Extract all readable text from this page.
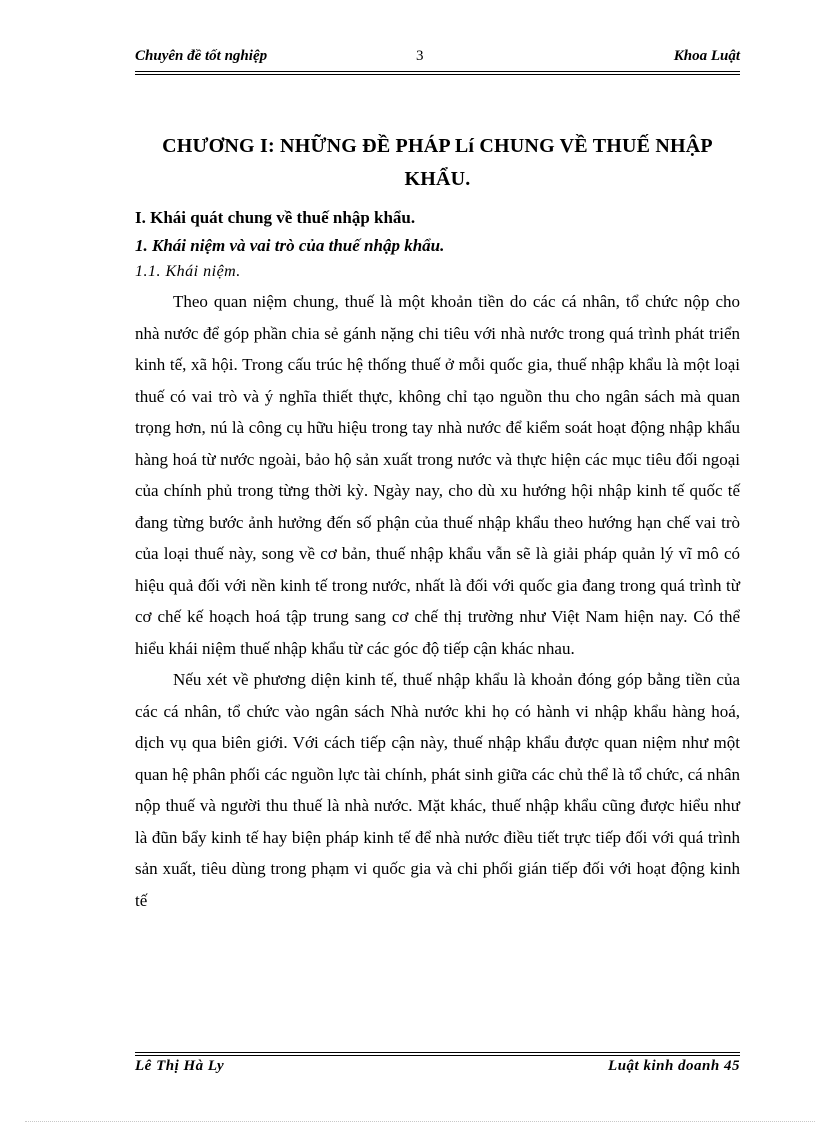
Chuyên đề tốt nghiệp	3	Khoa Luật
CHƯƠNG I: NHỮNG ĐỀ PHÁP Lí CHUNG VỀ THUẾ NHẬP KHẨU.
I. Khái quát chung về thuế nhập khẩu.
1. Khái niệm và vai trò của thuế nhập khẩu.
1.1. Khái niệm.

Theo quan niệm chung, thuế là một khoản tiền do các cá nhân, tổ chức nộp cho nhà nước để góp phần chia sẻ gánh nặng chi tiêu với nhà nước trong quá trình phát triển kinh tế, xã hội. Trong cấu trúc hệ thống thuế ở mỗi quốc gia, thuế nhập khẩu là một loại thuế có vai trò và ý nghĩa thiết thực, không chỉ tạo nguồn thu cho ngân sách mà quan trọng hơn, nú là công cụ hữu hiệu trong tay nhà nước để kiểm soát hoạt động nhập khẩu hàng hoá từ nước ngoài, bảo hộ sản xuất trong nước và thực hiện các mục tiêu đối ngoại của chính phủ trong từng thời kỳ. Ngày nay, cho dù xu hướng hội nhập kinh tế quốc tế đang từng bước ảnh hưởng đến số phận của thuế nhập khẩu theo hướng hạn chế vai trò của loại thuế này, song về cơ bản, thuế nhập khẩu vẫn sẽ là giải pháp quản lý vĩ mô có hiệu quả đối với nền kinh tế trong nước, nhất là đối với quốc gia đang trong quá trình từ cơ chế kế hoạch hoá tập trung sang cơ chế thị trường như Việt Nam hiện nay. Có thể hiểu khái niệm thuế nhập khẩu từ các góc độ tiếp cận khác nhau.

Nếu xét về phương diện kinh tế, thuế nhập khẩu là khoản đóng góp bằng tiền của các cá nhân, tổ chức vào ngân sách Nhà nước khi họ có hành vi nhập khẩu hàng hoá, dịch vụ qua biên giới. Với cách tiếp cận này, thuế nhập khẩu được quan niệm như một quan hệ phân phối các nguồn lực tài chính, phát sinh giữa các chủ thể là tổ chức, cá nhân nộp thuế và người thu thuế là nhà nước. Mặt khác, thuế nhập khẩu cũng được hiểu như là đũn bẩy kinh tế hay biện pháp kinh tế để nhà nước điều tiết trực tiếp đối với quá trình sản xuất, tiêu dùng trong phạm vi quốc gia và chi phối gián tiếp đối với hoạt động kinh tế

Lê Thị Hà Ly	Luật kinh doanh 45
